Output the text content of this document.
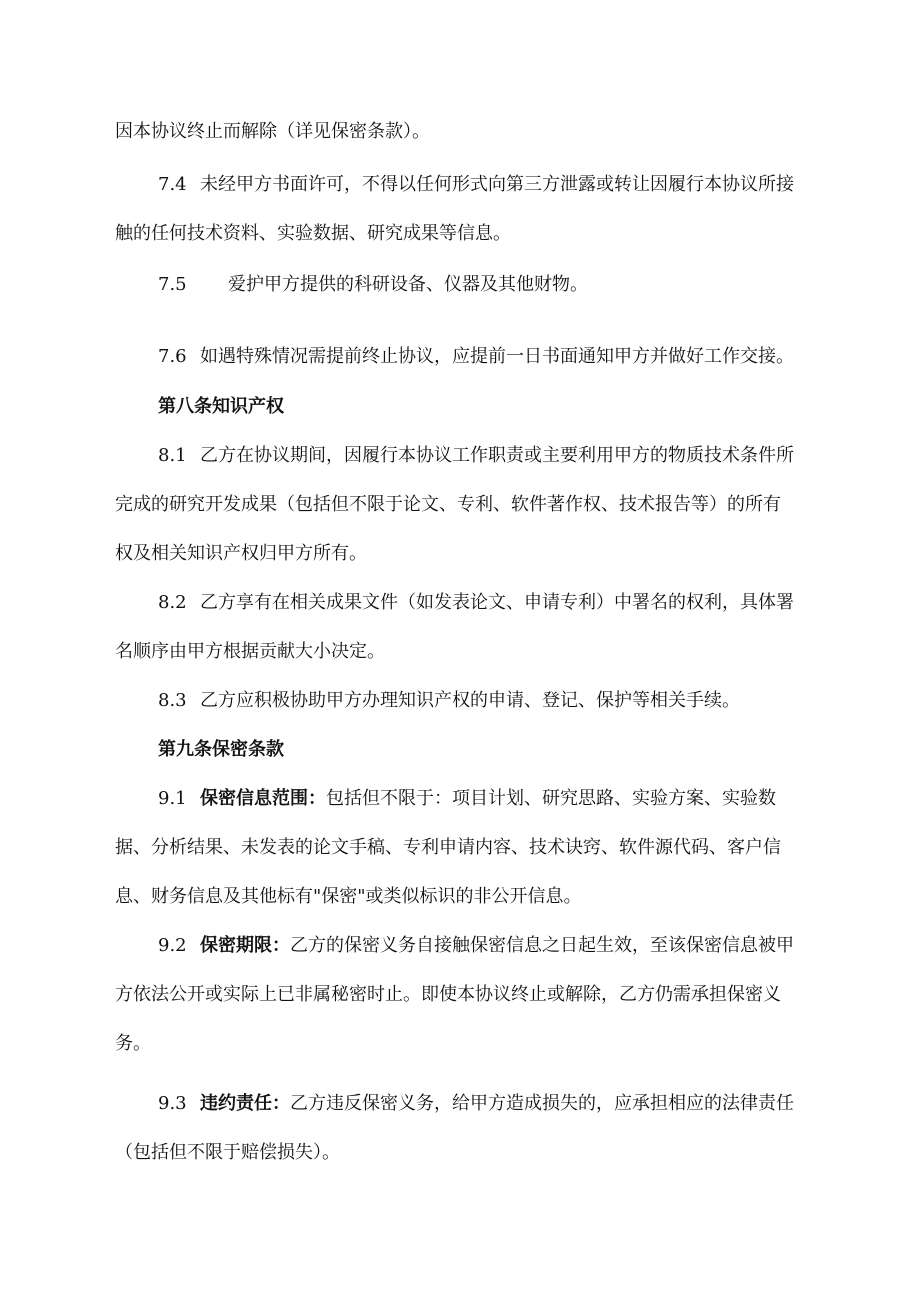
因本协议终止而解除（详见保密条款）。
7.4 未经甲方书面许可，不得以任何形式向第三方泄露或转让因履行本协议所接
触的任何技术资料、实验数据、研究成果等信息。
7.5 爱护甲方提供的科研设备、仪器及其他财物。
7.6 如遇特殊情况需提前终止协议，应提前一日书面通知甲方并做好工作交接。
第八条知识产权
8.1 乙方在协议期间，因履行本协议工作职责或主要利用甲方的物质技术条件所
完成的研究开发成果（包括但不限于论文、专利、软件著作权、技术报告等）的所有
权及相关知识产权归甲方所有。
8.2 乙方享有在相关成果文件（如发表论文、申请专利）中署名的权利，具体署
名顺序由甲方根据贡献大小决定。
8.3 乙方应积极协助甲方办理知识产权的申请、登记、保护等相关手续。
第九条保密条款
9.1 保密信息范围：包括但不限于：项目计划、研究思路、实验方案、实验数
据、分析结果、未发表的论文手稿、专利申请内容、技术诀窍、软件源代码、客户信
息、财务信息及其他标有"保密"或类似标识的非公开信息。
9.2 保密期限：乙方的保密义务自接触保密信息之日起生效，至该保密信息被甲
方依法公开或实际上已非属秘密时止。即使本协议终止或解除，乙方仍需承担保密义
务。
9.3 违约责任：乙方违反保密义务，给甲方造成损失的，应承担相应的法律责任
（包括但不限于赔偿损失）。
